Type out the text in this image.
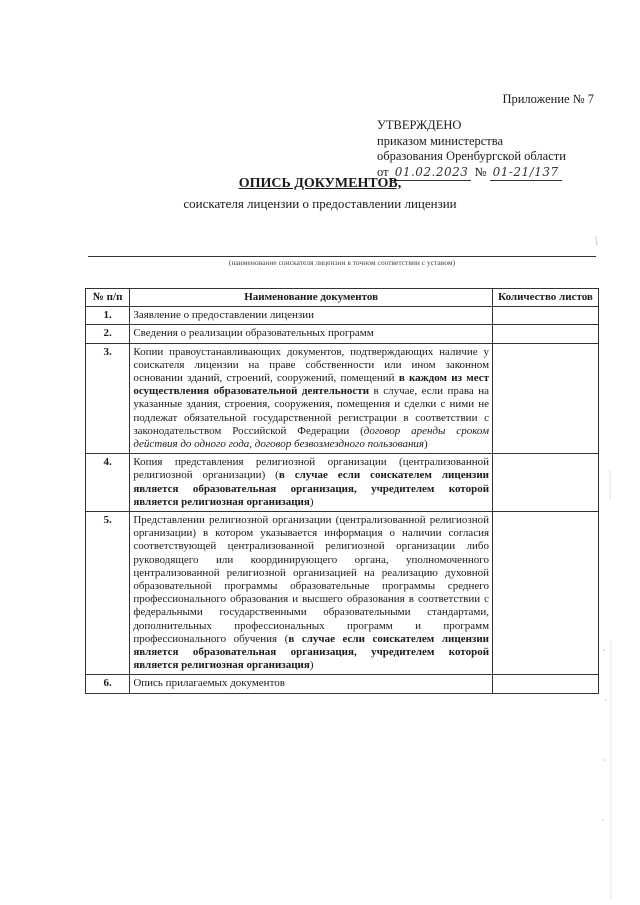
Приложение № 7
УТВЕРЖДЕНО
приказом министерства
образования Оренбургской области
от 01.02.2023 № 01-21/137
ОПИСЬ ДОКУМЕНТОВ,
соискателя лицензии о предоставлении лицензии
(наименование соискателя лицензии в точном соответствии с уставом)
№ п/п	Наименование документов	Количество листов
1.	Заявление о предоставлении лицензии	
2.	Сведения о реализации образовательных программ	
3.	Копии правоустанавливающих документов, подтверждающих наличие у соискателя лицензии на праве собственности или ином законном основании зданий, строений, сооружений, помещений в каждом из мест осуществления образовательной деятельности в случае, если права на указанные здания, строения, сооружения, помещения и сделки с ними не подлежат обязательной государственной регистрации в соответствии с законодательством Российской Федерации (договор аренды сроком действия до одного года, договор безвозмездного пользования)	
4.	Копия представления религиозной организации (централизованной религиозной организации) (в случае если соискателем лицензии является образовательная организация, учредителем которой является религиозная организация)	
5.	Представлении религиозной организации (централизованной религиозной организации) в котором указывается информация о наличии согласия соответствующей централизованной религиозной организации либо руководящего или координирующего органа, уполномоченного централизованной религиозной организацией на реализацию духовной образовательной программы образовательные программы среднего профессионального образования и высшего образования в соответствии с федеральными государственными образовательными стандартами, дополнительных профессиональных программ и программ профессионального обучения (в случае если соискателем лицензии является образовательная организация, учредителем которой является религиозная организация)	
6.	Опись прилагаемых документов	
